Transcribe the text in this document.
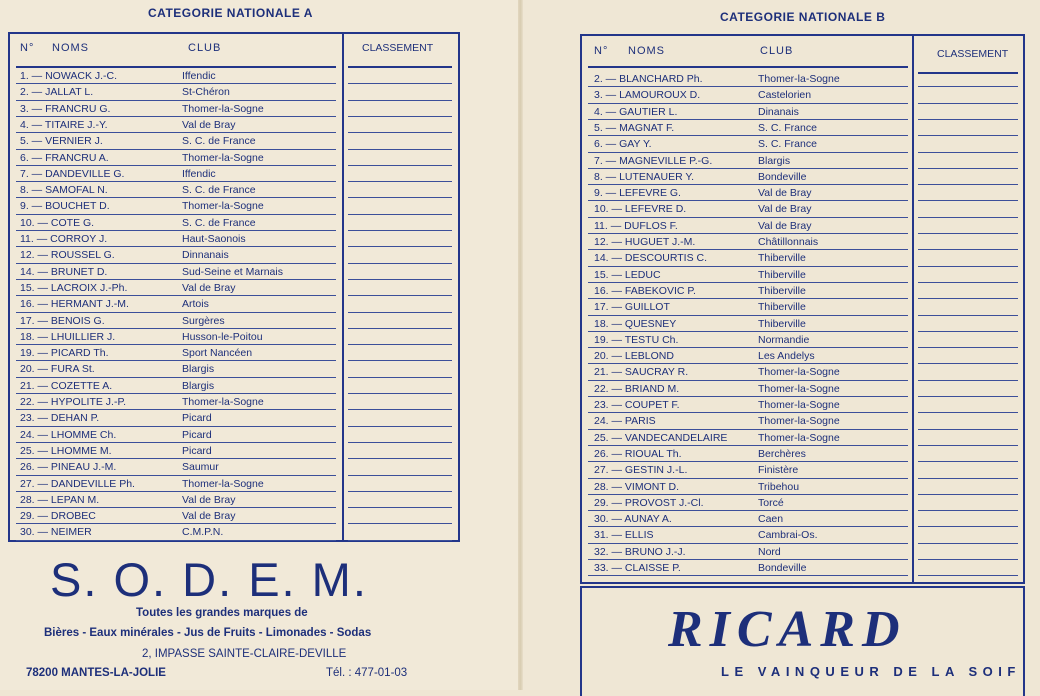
CATEGORIE NATIONALE A
N° NOMS	CLUB	CLASSEMENT
1. — NOWACK J.-C.	Iffendic
2. — JALLAT L.	St-Chéron
3. — FRANCRU G.	Thomer-la-Sogne
4. — TITAIRE J.-Y.	Val de Bray
5. — VERNIER J.	S. C. de France
6. — FRANCRU A.	Thomer-la-Sogne
7. — DANDEVILLE G.	Iffendic
8. — SAMOFAL N.	S. C. de France
9. — BOUCHET D.	Thomer-la-Sogne
10. — COTE G.	S. C. de France
11. — CORROY J.	Haut-Saonois
12. — ROUSSEL G.	Dinnanais
14. — BRUNET D.	Sud-Seine et Marnais
15. — LACROIX J.-Ph.	Val de Bray
16. — HERMANT J.-M.	Artois
17. — BENOIS G.	Surgères
18. — LHUILLIER J.	Husson-le-Poitou
19. — PICARD Th.	Sport Nancéen
20. — FURA St.	Blargis
21. — COZETTE A.	Blargis
22. — HYPOLITE J.-P.	Thomer-la-Sogne
23. — DEHAN P.	Picard
24. — LHOMME Ch.	Picard
25. — LHOMME M.	Picard
26. — PINEAU J.-M.	Saumur
27. — DANDEVILLE Ph.	Thomer-la-Sogne
28. — LEPAN M.	Val de Bray
29. — DROBEC	Val de Bray
30. — NEIMER	C.M.P.N.
S. O. D. E. M.
Toutes les grandes marques de
Bières - Eaux minérales - Jus de Fruits - Limonades - Sodas
2, IMPASSE SAINTE-CLAIRE-DEVILLE
78200 MANTES-LA-JOLIE	Tél. : 477-01-03
CATEGORIE NATIONALE B
N° NOMS	CLUB	CLASSEMENT
2. — BLANCHARD Ph.	Thomer-la-Sogne
3. — LAMOUROUX D.	Castelorien
4. — GAUTIER L.	Dinanais
5. — MAGNAT F.	S. C. France
6. — GAY Y.	S. C. France
7. — MAGNEVILLE P.-G.	Blargis
8. — LUTENAUER Y.	Bondeville
9. — LEFEVRE G.	Val de Bray
10. — LEFEVRE D.	Val de Bray
11. — DUFLOS F.	Val de Bray
12. — HUGUET J.-M.	Châtillonnais
14. — DESCOURTIS C.	Thiberville
15. — LEDUC	Thiberville
16. — FABEKOVIC P.	Thiberville
17. — GUILLOT	Thiberville
18. — QUESNEY	Thiberville
19. — TESTU Ch.	Normandie
20. — LEBLOND	Les Andelys
21. — SAUCRAY R.	Thomer-la-Sogne
22. — BRIAND M.	Thomer-la-Sogne
23. — COUPET F.	Thomer-la-Sogne
24. — PARIS	Thomer-la-Sogne
25. — VANDECANDELAIRE	Thomer-la-Sogne
26. — RIOUAL Th.	Berchères
27. — GESTIN J.-L.	Finistère
28. — VIMONT D.	Tribehou
29. — PROVOST J.-Cl.	Torcé
30. — AUNAY A.	Caen
31. — ELLIS	Cambrai-Os.
32. — BRUNO J.-J.	Nord
33. — CLAISSE P.	Bondeville
RICARD
LE VAINQUEUR DE LA SOIF
